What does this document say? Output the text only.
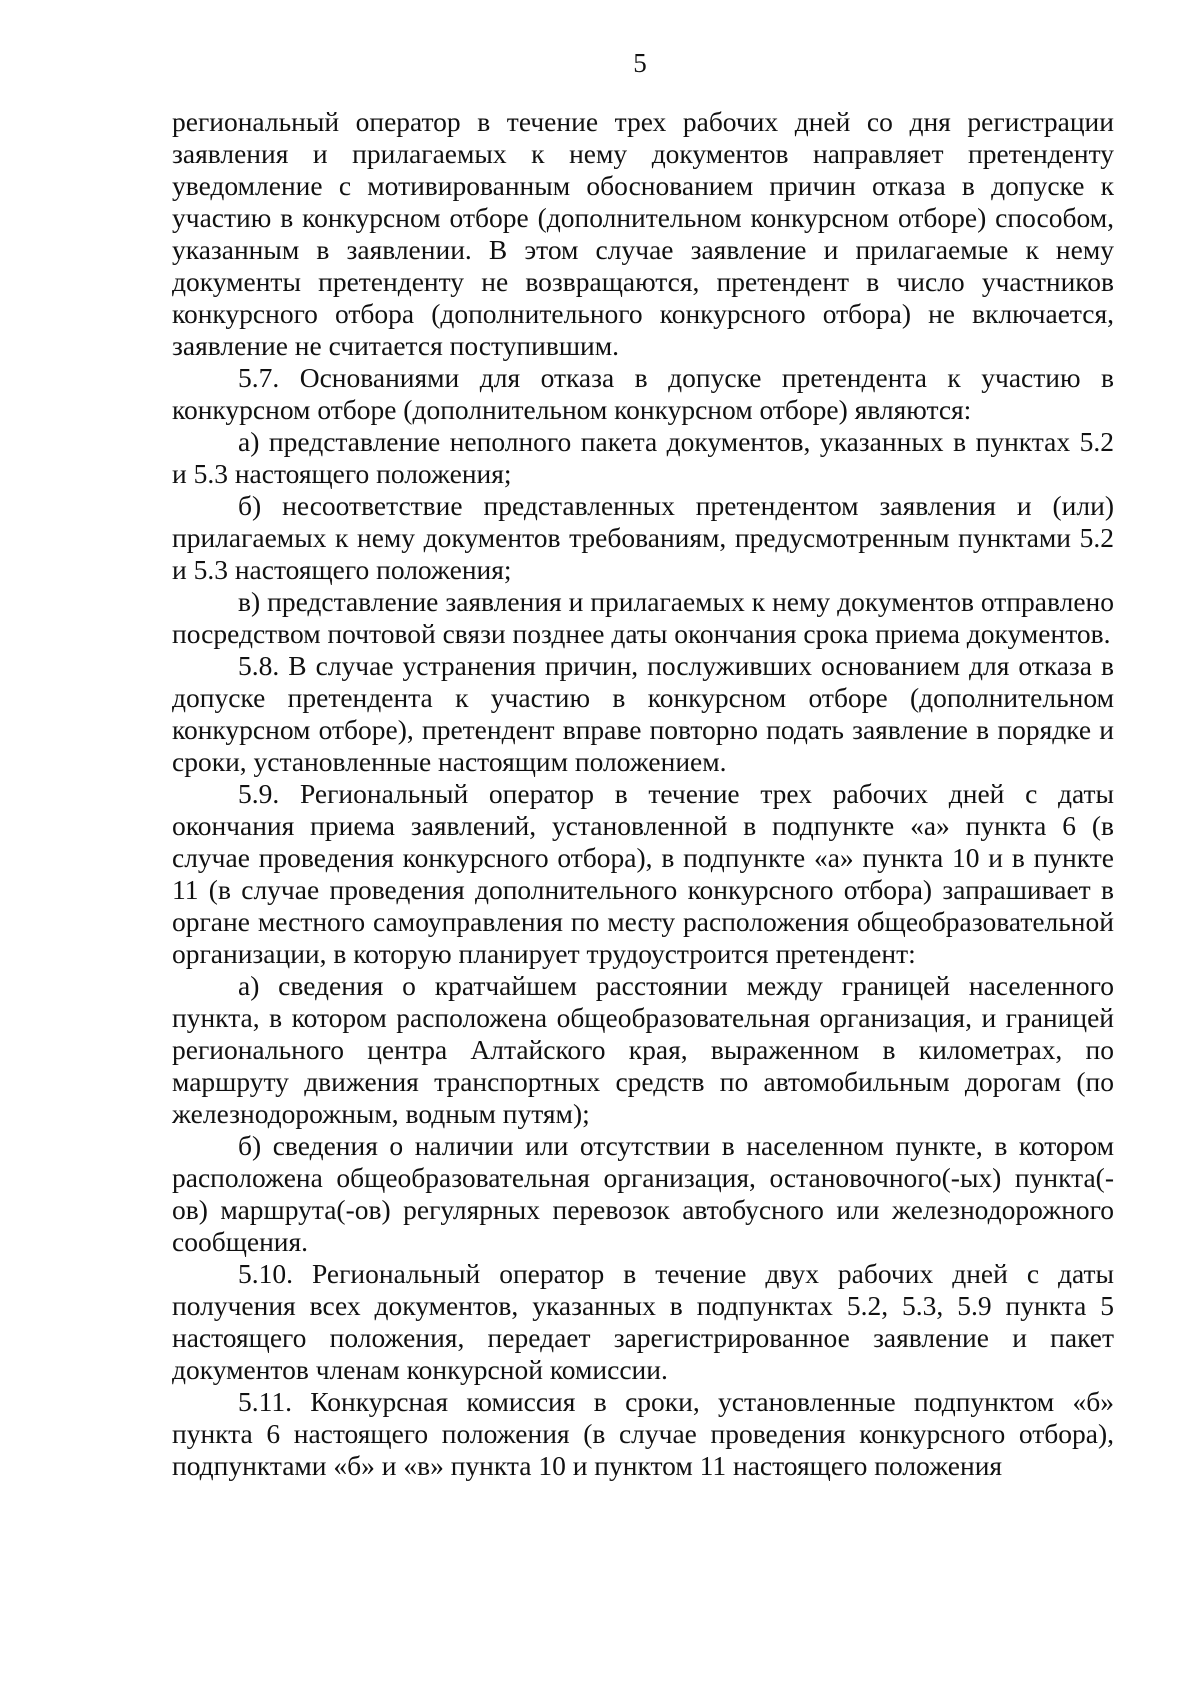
5

региональный оператор в течение трех рабочих дней со дня регистрации заявления и прилагаемых к нему документов направляет претенденту уведомление с мотивированным обоснованием причин отказа в допуске к участию в конкурсном отборе (дополнительном конкурсном отборе) способом, указанным в заявлении. В этом случае заявление и прилагаемые к нему документы претенденту не возвращаются, претендент в число участников конкурсного отбора (дополнительного конкурсного отбора) не включается, заявление не считается поступившим.

5.7. Основаниями для отказа в допуске претендента к участию в конкурсном отборе (дополнительном конкурсном отборе) являются:

а) представление неполного пакета документов, указанных в пунктах 5.2 и 5.3 настоящего положения;

б) несоответствие представленных претендентом заявления и (или) прилагаемых к нему документов требованиям, предусмотренным пунктами 5.2 и 5.3 настоящего положения;

в) представление заявления и прилагаемых к нему документов отправлено посредством почтовой связи позднее даты окончания срока приема документов.

5.8. В случае устранения причин, послуживших основанием для отказа в допуске претендента к участию в конкурсном отборе (дополнительном конкурсном отборе), претендент вправе повторно подать заявление в порядке и сроки, установленные настоящим положением.

5.9. Региональный оператор в течение трех рабочих дней с даты окончания приема заявлений, установленной в подпункте «а» пункта 6 (в случае проведения конкурсного отбора), в подпункте «а» пункта 10 и в пункте 11 (в случае проведения дополнительного конкурсного отбора) запрашивает в органе местного самоуправления по месту расположения общеобразовательной организации, в которую планирует трудоустроится претендент:

а) сведения о кратчайшем расстоянии между границей населенного пункта, в котором расположена общеобразовательная организация, и границей регионального центра Алтайского края, выраженном в километрах, по маршруту движения транспортных средств по автомобильным дорогам (по железнодорожным, водным путям);

б) сведения о наличии или отсутствии в населенном пункте, в котором расположена общеобразовательная организация, остановочного(-ых) пункта(-ов) маршрута(-ов) регулярных перевозок автобусного или железнодорожного сообщения.

5.10. Региональный оператор в течение двух рабочих дней с даты получения всех документов, указанных в подпунктах 5.2, 5.3, 5.9 пункта 5 настоящего положения, передает зарегистрированное заявление и пакет документов членам конкурсной комиссии.

5.11. Конкурсная комиссия в сроки, установленные подпунктом «б» пункта 6 настоящего положения (в случае проведения конкурсного отбора), подпунктами «б» и «в» пункта 10 и пунктом 11 настоящего положения
